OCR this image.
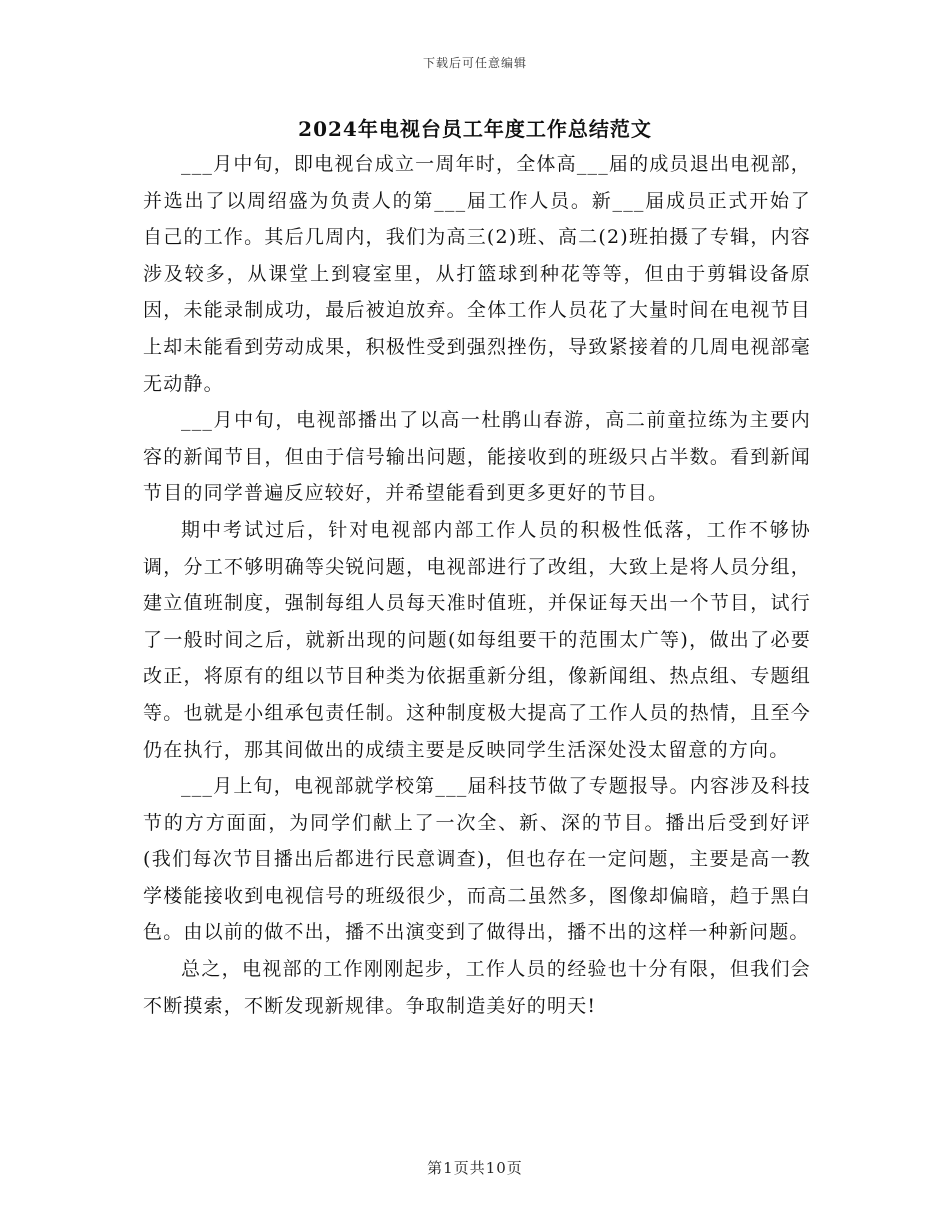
下载后可任意编辑
2024年电视台员工年度工作总结范文

___月中旬，即电视台成立一周年时，全体高___届的成员退出电视部，并选出了以周绍盛为负责人的第___届工作人员。新___届成员正式开始了自己的工作。其后几周内，我们为高三(2)班、高二(2)班拍摄了专辑，内容涉及较多，从课堂上到寝室里，从打篮球到种花等等，但由于剪辑设备原因，未能录制成功，最后被迫放弃。全体工作人员花了大量时间在电视节目上却未能看到劳动成果，积极性受到强烈挫伤，导致紧接着的几周电视部毫无动静。

___月中旬，电视部播出了以高一杜鹃山春游，高二前童拉练为主要内容的新闻节目，但由于信号输出问题，能接收到的班级只占半数。看到新闻节目的同学普遍反应较好，并希望能看到更多更好的节目。

期中考试过后，针对电视部内部工作人员的积极性低落，工作不够协调，分工不够明确等尖锐问题，电视部进行了改组，大致上是将人员分组，建立值班制度，强制每组人员每天准时值班，并保证每天出一个节目，试行了一般时间之后，就新出现的问题(如每组要干的范围太广等)，做出了必要改正，将原有的组以节目种类为依据重新分组，像新闻组、热点组、专题组等。也就是小组承包责任制。这种制度极大提高了工作人员的热情，且至今仍在执行，那其间做出的成绩主要是反映同学生活深处没太留意的方向。

___月上旬，电视部就学校第___届科技节做了专题报导。内容涉及科技节的方方面面，为同学们献上了一次全、新、深的节目。播出后受到好评(我们每次节目播出后都进行民意调查)，但也存在一定问题，主要是高一教学楼能接收到电视信号的班级很少，而高二虽然多，图像却偏暗，趋于黑白色。由以前的做不出，播不出演变到了做得出，播不出的这样一种新问题。

总之，电视部的工作刚刚起步，工作人员的经验也十分有限，但我们会不断摸索，不断发现新规律。争取制造美好的明天!

第1页共10页
